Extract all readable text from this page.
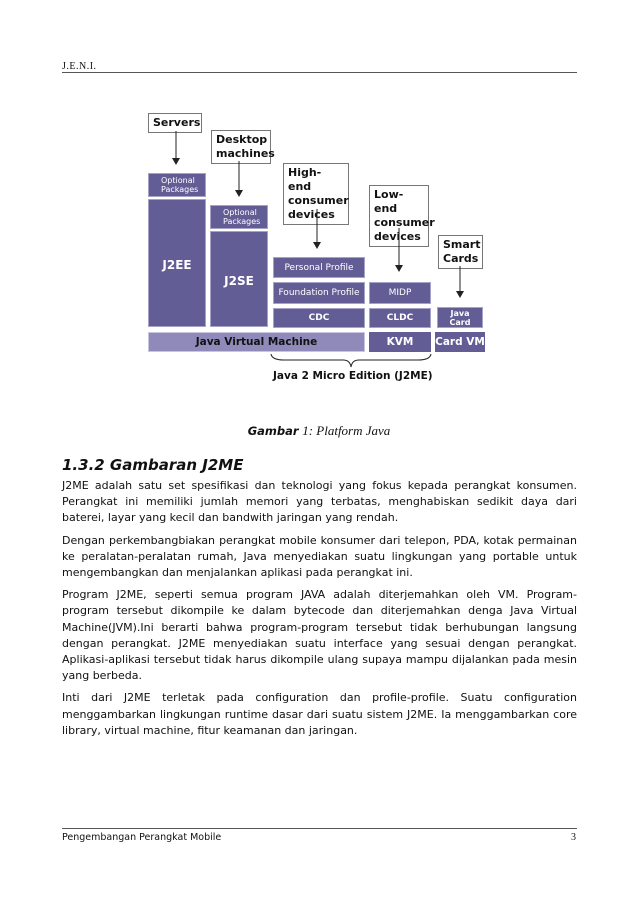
J.E.N.I.
Servers
Desktop machines
High-end consumer devices
Low-end consumer devices
Smart Cards
Optional Packages
J2EE
Optional Packages
J2SE
Personal Profile
Foundation Profile
CDC
MIDP
CLDC	Java Card
Java Virtual Machine	KVM	Card VM
Java 2 Micro Edition (J2ME)
Gambar 1: Platform Java
1.3.2 Gambaran J2ME

J2ME adalah satu set spesifikasi dan teknologi yang fokus kepada perangkat konsumen. Perangkat ini memiliki jumlah memori yang terbatas, menghabiskan sedikit daya dari baterei, layar yang kecil dan bandwith jaringan yang rendah.

Dengan perkembangbiakan perangkat mobile konsumer dari telepon, PDA, kotak permainan ke peralatan-peralatan rumah, Java menyediakan suatu lingkungan yang portable untuk mengembangkan dan menjalankan aplikasi pada perangkat ini.

Program J2ME, seperti semua program JAVA adalah diterjemahkan oleh VM. Program-program tersebut dikompile ke dalam bytecode dan diterjemahkan denga Java Virtual Machine(JVM).Ini berarti bahwa program-program tersebut tidak berhubungan langsung dengan perangkat. J2ME menyediakan suatu interface yang sesuai dengan perangkat. Aplikasi-aplikasi tersebut tidak harus dikompile ulang supaya mampu dijalankan pada mesin yang berbeda.

Inti dari J2ME terletak pada configuration dan profile-profile. Suatu configuration menggambarkan lingkungan runtime dasar dari suatu sistem J2ME. Ia menggambarkan core library, virtual machine, fitur keamanan dan jaringan.

Pengembangan Perangkat Mobile	3
